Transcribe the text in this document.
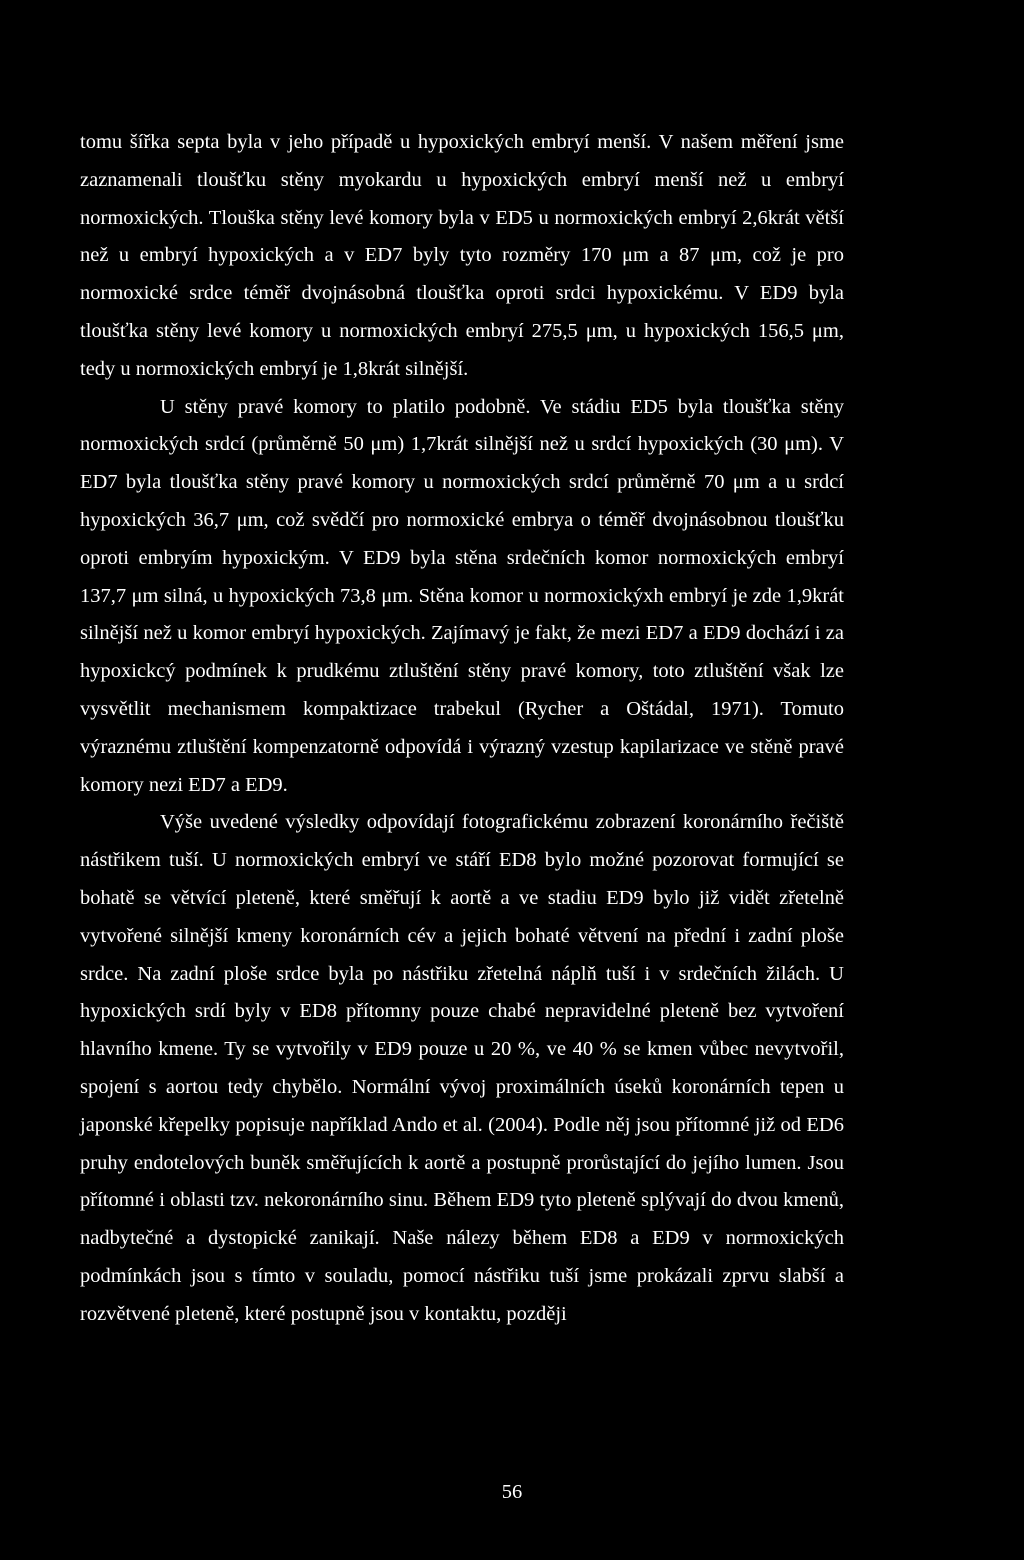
tomu šířka septa byla v jeho případě u hypoxických embryí menší. V našem měření jsme zaznamenali tloušťku stěny myokardu u hypoxických embryí menší než u embryí normoxických. Tlouška stěny levé komory byla v ED5 u normoxických embryí 2,6krát větší než u embryí hypoxických a v ED7 byly tyto rozměry 170 μm a 87 μm, což je pro normoxické srdce téměř dvojnásobná tloušťka oproti srdci hypoxickému. V ED9 byla tloušťka stěny levé komory u normoxických embryí 275,5 μm, u hypoxických 156,5 μm, tedy u normoxických embryí je 1,8krát silnější.

U stěny pravé komory to platilo podobně. Ve stádiu ED5 byla tloušťka stěny normoxických srdcí (průměrně 50 μm) 1,7krát silnější než u srdcí hypoxických (30 μm). V ED7 byla tloušťka stěny pravé komory u normoxických srdcí průměrně 70 μm a u srdcí hypoxických 36,7 μm, což svědčí pro normoxické embrya o téměř dvojnásobnou tloušťku oproti embryím hypoxickým. V ED9 byla stěna srdečních komor normoxických embryí 137,7 μm silná, u hypoxických 73,8 μm. Stěna komor u normoxickýxh embryí je zde 1,9krát silnější než u komor embryí hypoxických. Zajímavý je fakt, že mezi ED7 a ED9 dochází i za hypoxickcý podmínek k prudkému ztluštění stěny pravé komory, toto ztluštění však lze vysvětlit mechanismem kompaktizace trabekul (Rycher a Oštádal, 1971). Tomuto výraznému ztluštění kompenzatorně odpovídá i výrazný vzestup kapilarizace ve stěně pravé komory nezi ED7 a ED9.

Výše uvedené výsledky odpovídají fotografickému zobrazení koronárního řečiště nástřikem tuší. U normoxických embryí ve stáří ED8 bylo možné pozorovat formující se bohatě se větvící pleteně, které směřují k aortě a ve stadiu ED9 bylo již vidět zřetelně vytvořené silnější kmeny koronárních cév a jejich bohaté větvení na přední i zadní ploše srdce. Na zadní ploše srdce byla po nástřiku zřetelná náplň tuší i v srdečních žilách. U hypoxických srdí byly v ED8 přítomny pouze chabé nepravidelné pleteně bez vytvoření hlavního kmene. Ty se vytvořily v ED9 pouze u 20 %, ve 40 % se kmen vůbec nevytvořil, spojení s aortou tedy chybělo. Normální vývoj proximálních úseků koronárních tepen u japonské křepelky popisuje například Ando et al. (2004). Podle něj jsou přítomné již od ED6 pruhy endotelových buněk směřujících k aortě a postupně prorůstající do jejího lumen. Jsou přítomné i oblasti tzv. nekoronárního sinu. Během ED9 tyto pleteně splývají do dvou kmenů, nadbytečné a dystopické zanikají. Naše nálezy během ED8 a ED9 v normoxických podmínkách jsou s tímto v souladu, pomocí nástřiku tuší jsme prokázali zprvu slabší a rozvětvené pleteně, které postupně jsou v kontaktu, později

56
